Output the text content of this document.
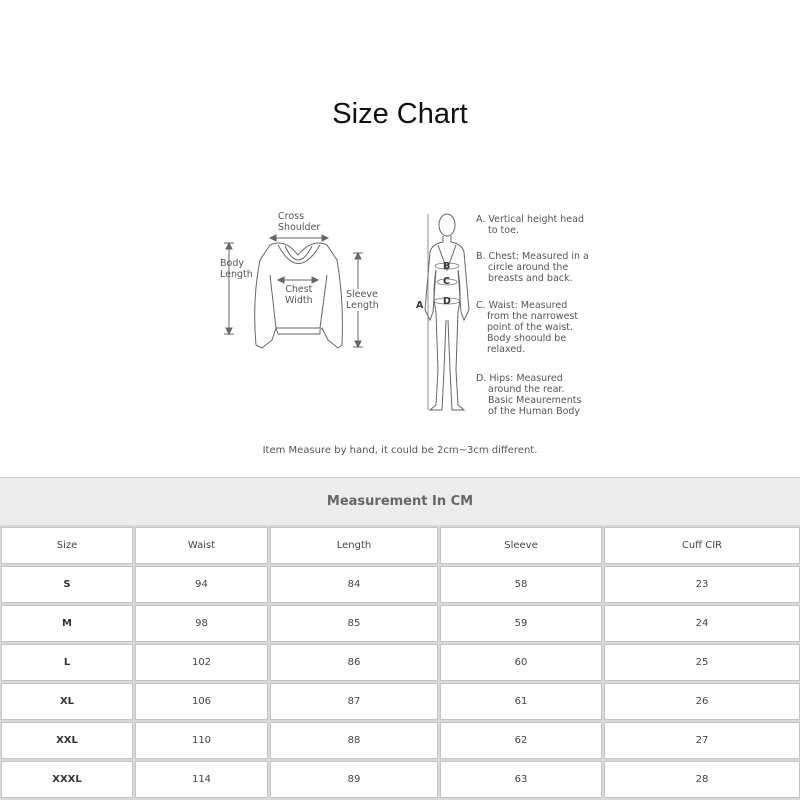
Size Chart
Cross
Shoulder
Body
Length
Chest
Width
Sleeve
Length	A
B
C
D
A. Vertical height head
to toe.
B. Chest: Measured in a
circle around the
breasts and back.
C. Waist: Measured
from the narrowest
point of the waist.
Body shoould be
relaxed.
D. Hips: Measured
around the rear.
Basic Meaurements
of the Human Body
Item Measure by hand, it could be 2cm~3cm different.
Measurement In CM
Size	Waist	Length	Sleeve	Cuff CIR
S	94	84	58	23
M	98	85	59	24
L	102	86	60	25
XL	106	87	61	26
XXL	110	88	62	27
XXXL	114	89	63	28
